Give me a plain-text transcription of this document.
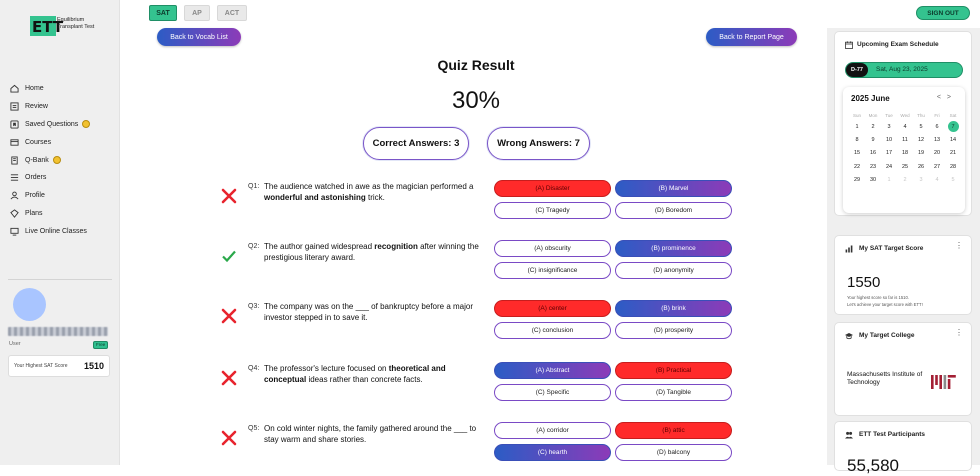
ETT
Equilibrium
Transplant Test
Home
Review
Saved Questions
Courses
Q-Bank
Orders
Profile
Plans
Live Online Classes
User	Free
Your Highest SAT Score 1510
SAT	AP	ACT	SIGN OUT
Back to Vocab List	Back to Report Page
Quiz Result
30%
Correct Answers: 3	Wrong Answers: 7
Q1: The audience watched in awe as the magician performed a wonderful and astonishing trick.
(A) Disaster	(B) Marvel
(C) Tragedy	(D) Boredom
Q2: The author gained widespread recognition after winning the prestigious literary award.
(A) obscurity	(B) prominence
(C) insignificance	(D) anonymity
Q3: The company was on the ___ of bankruptcy before a major investor stepped in to save it.
(A) center	(B) brink
(C) conclusion	(D) prosperity
Q4: The professor's lecture focused on theoretical and conceptual ideas rather than concrete facts.
(A) Abstract	(B) Practical
(C) Specific	(D) Tangible
Q5: On cold winter nights, the family gathered around the ___ to stay warm and share stories.
(A) corridor	(B) attic
(C) hearth	(D) balcony
Upcoming Exam Schedule
D-77	Sat, Aug 23, 2025
2025 June	<>
Sun	Mon	Tue	Wed	Thu	Fri	Sat
1	2	3	4	5	6	7
8	9	10	11	12	13	14
15	16	17	18	19	20	21
22	23	24	25	26	27	28
29	30	1	2	3	4	5
My SAT Target Score	⋮
1550
Your highest score so far is 1510.
Let's achieve your target score with ETT!
My Target College	⋮
Massachusetts Institute of Technology
ETT Test Participants
55,580
